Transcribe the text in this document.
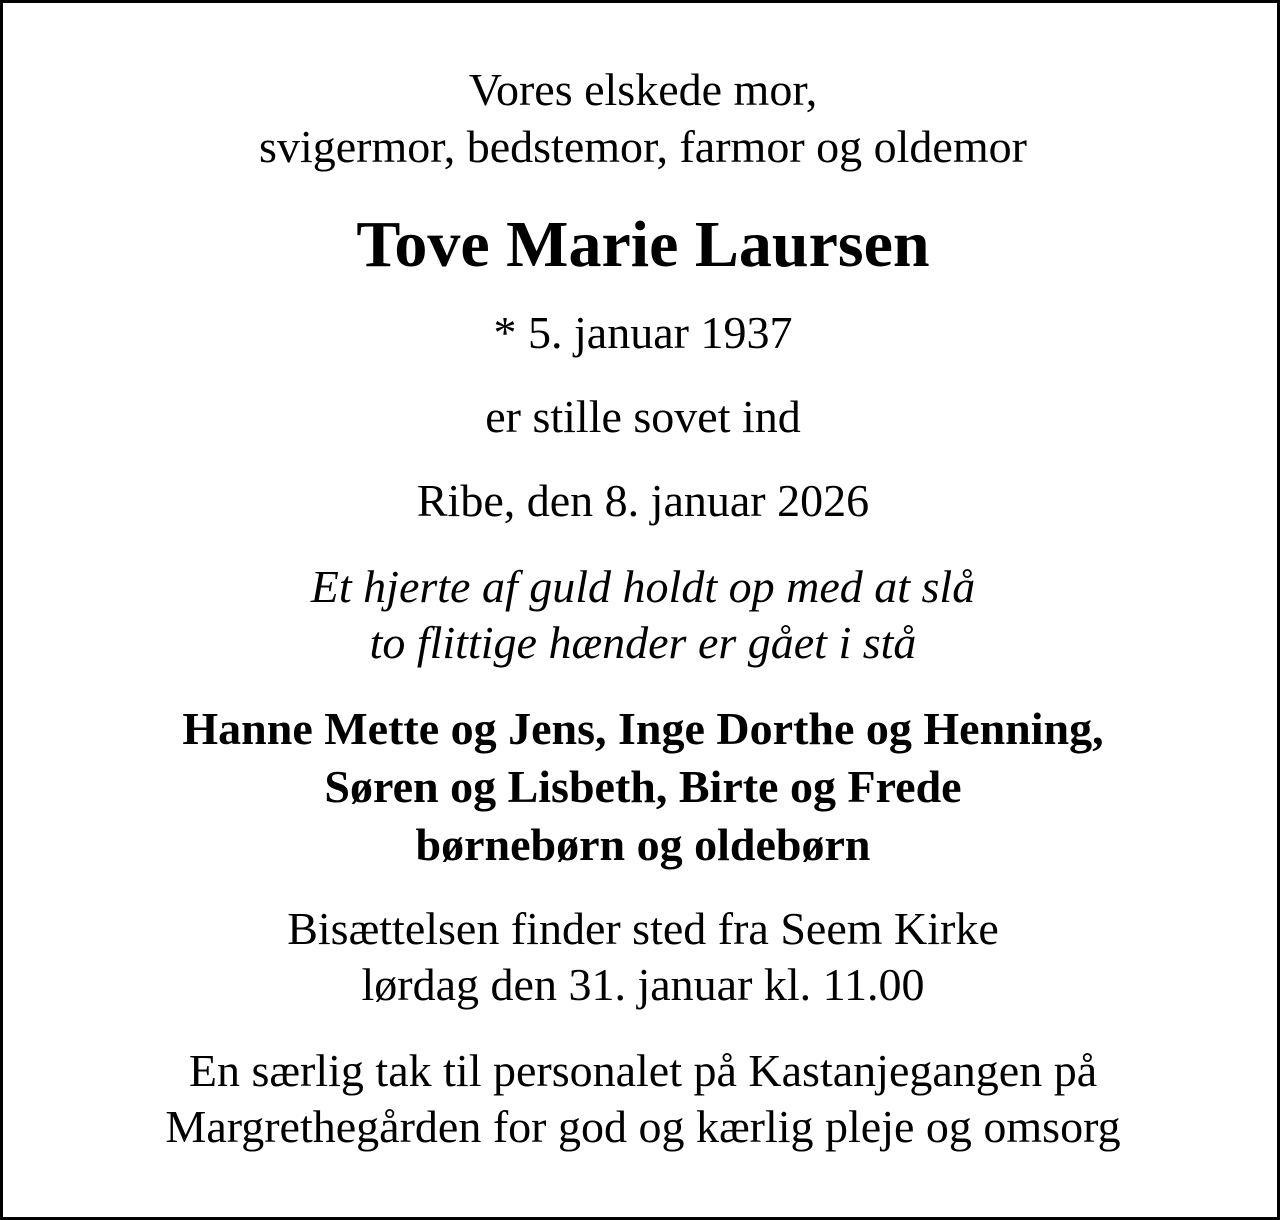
Vores elskede mor,
svigermor, bedstemor, farmor og oldemor
Tove Marie Laursen
* 5. januar 1937
er stille sovet ind
Ribe, den 8. januar 2026
Et hjerte af guld holdt op med at slå
to flittige hænder er gået i stå
Hanne Mette og Jens, Inge Dorthe og Henning,
Søren og Lisbeth, Birte og Frede
børnebørn og oldebørn
Bisættelsen finder sted fra Seem Kirke
lørdag den 31. januar kl. 11.00
En særlig tak til personalet på Kastanjegangen på
Margrethegården for god og kærlig pleje og omsorg
